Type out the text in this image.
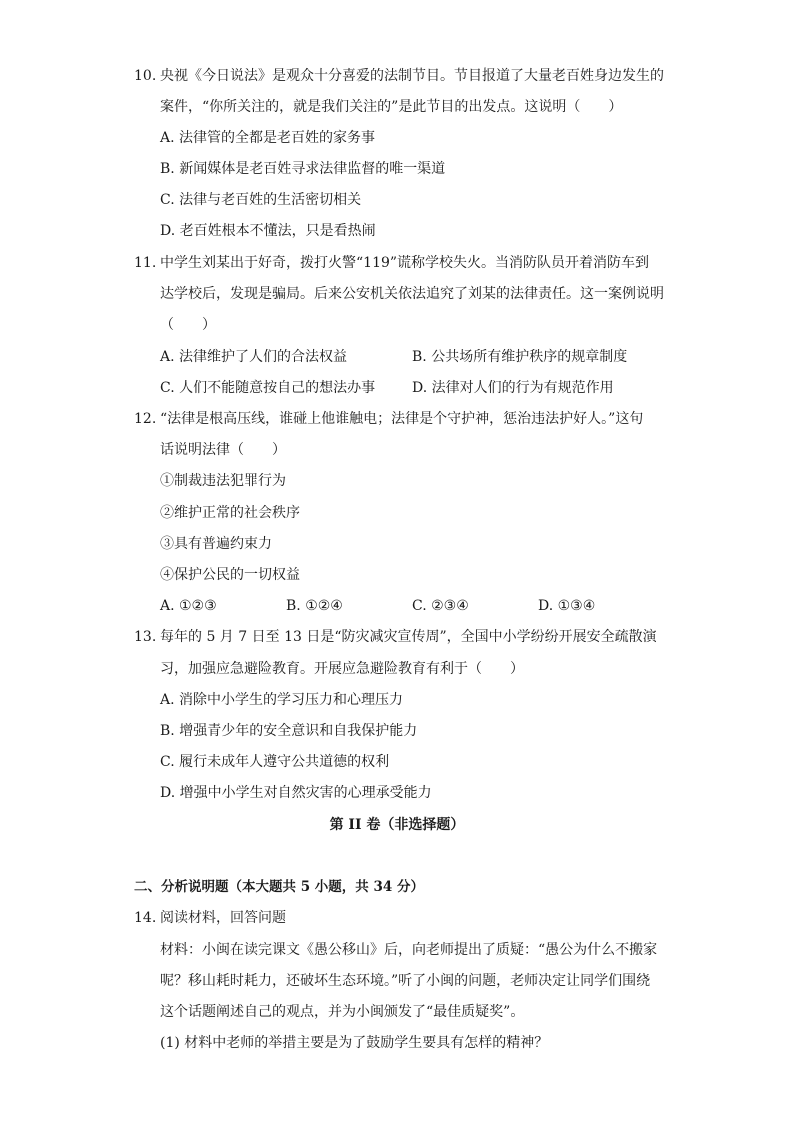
10. 央视《今日说法》是观众十分喜爱的法制节目。节目报道了大量老百姓身边发生的
案件，“你所关注的，就是我们关注的”是此节目的出发点。这说明（　　）
A. 法律管的全都是老百姓的家务事
B. 新闻媒体是老百姓寻求法律监督的唯一渠道
C. 法律与老百姓的生活密切相关
D. 老百姓根本不懂法，只是看热闹
11. 中学生刘某出于好奇，拨打火警“119”谎称学校失火。当消防队员开着消防车到
达学校后，发现是骗局。后来公安机关依法追究了刘某的法律责任。这一案例说明
（　　）
A. 法律维护了人们的合法权益	B. 公共场所有维护秩序的规章制度
C. 人们不能随意按自己的想法办事	D. 法律对人们的行为有规范作用
12. “法律是根高压线，谁碰上他谁触电；法律是个守护神，惩治违法护好人。”这句
话说明法律（　　）
①制裁违法犯罪行为
②维护正常的社会秩序
③具有普遍约束力
④保护公民的一切权益
A. ①②③	B. ①②④	C. ②③④	D. ①③④
13. 每年的 5 月 7 日至 13 日是“防灾减灾宣传周”，全国中小学纷纷开展安全疏散演
习，加强应急避险教育。开展应急避险教育有利于（　　）
A. 消除中小学生的学习压力和心理压力
B. 增强青少年的安全意识和自我保护能力
C. 履行未成年人遵守公共道德的权利
D. 增强中小学生对自然灾害的心理承受能力
第 II 卷（非选择题）
二、分析说明题（本大题共 5 小题，共 34 分）
14. 阅读材料，回答问题
材料：小闽在读完课文《愚公移山》后，向老师提出了质疑：“愚公为什么不搬家
呢？移山耗时耗力，还破坏生态环境。”听了小闽的问题，老师决定让同学们围绕
这个话题阐述自己的观点，并为小闽颁发了“最佳质疑奖”。
(1) 材料中老师的举措主要是为了鼓励学生要具有怎样的精神？
